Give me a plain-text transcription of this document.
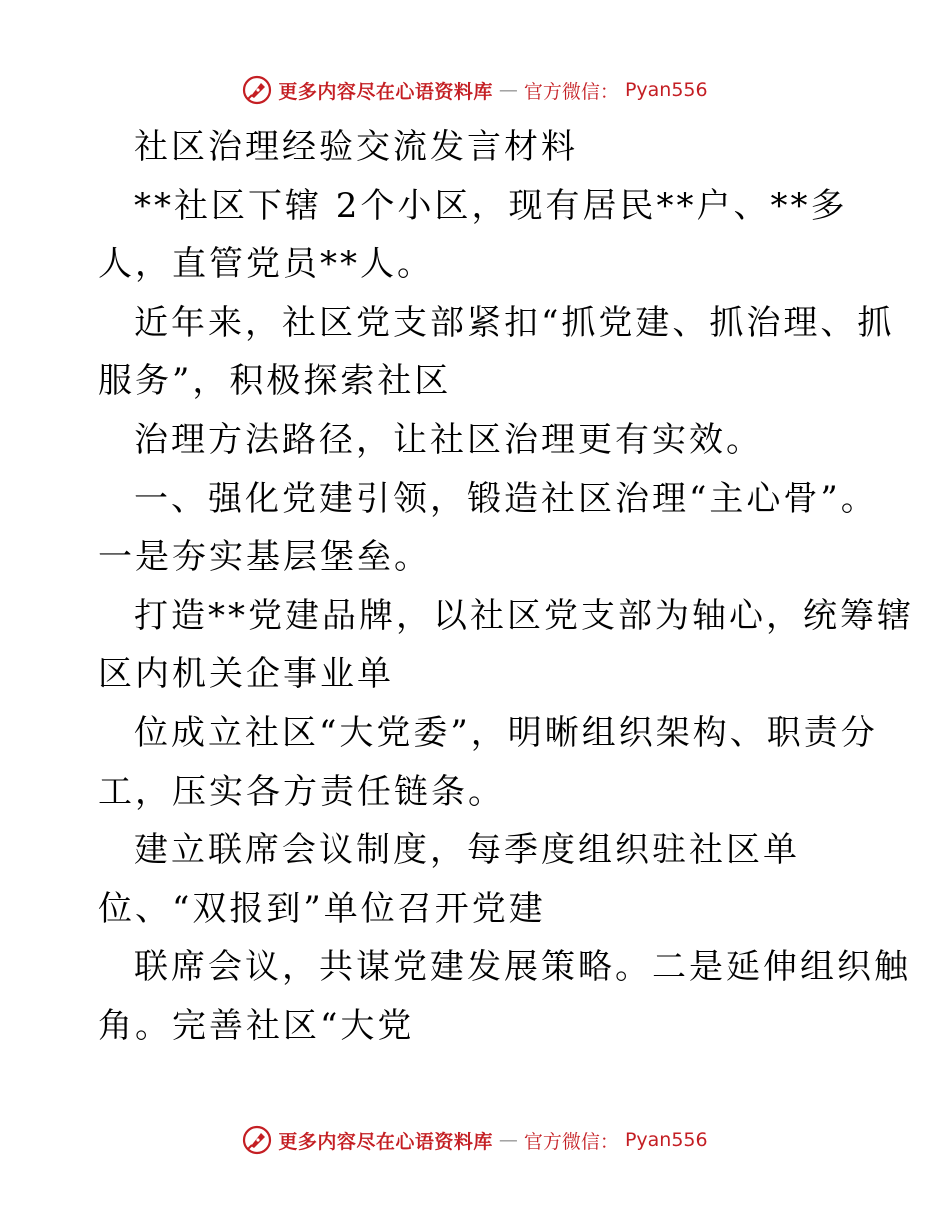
更多内容尽在心语资料库 — 官方微信： Pyan556
社区治理经验交流发言材料
**社区下辖 2个小区，现有居民**户、**多
人，直管党员**人。
近年来，社区党支部紧扣“抓党建、抓治理、抓
服务”，积极探索社区
治理方法路径，让社区治理更有实效。
一、强化党建引领，锻造社区治理“主心骨”。
一是夯实基层堡垒。
打造**党建品牌，以社区党支部为轴心，统筹辖
区内机关企事业单
位成立社区“大党委”，明晰组织架构、职责分
工，压实各方责任链条。
建立联席会议制度，每季度组织驻社区单
位、“双报到”单位召开党建
联席会议，共谋党建发展策略。二是延伸组织触
角。完善社区“大党
更多内容尽在心语资料库 — 官方微信： Pyan556
